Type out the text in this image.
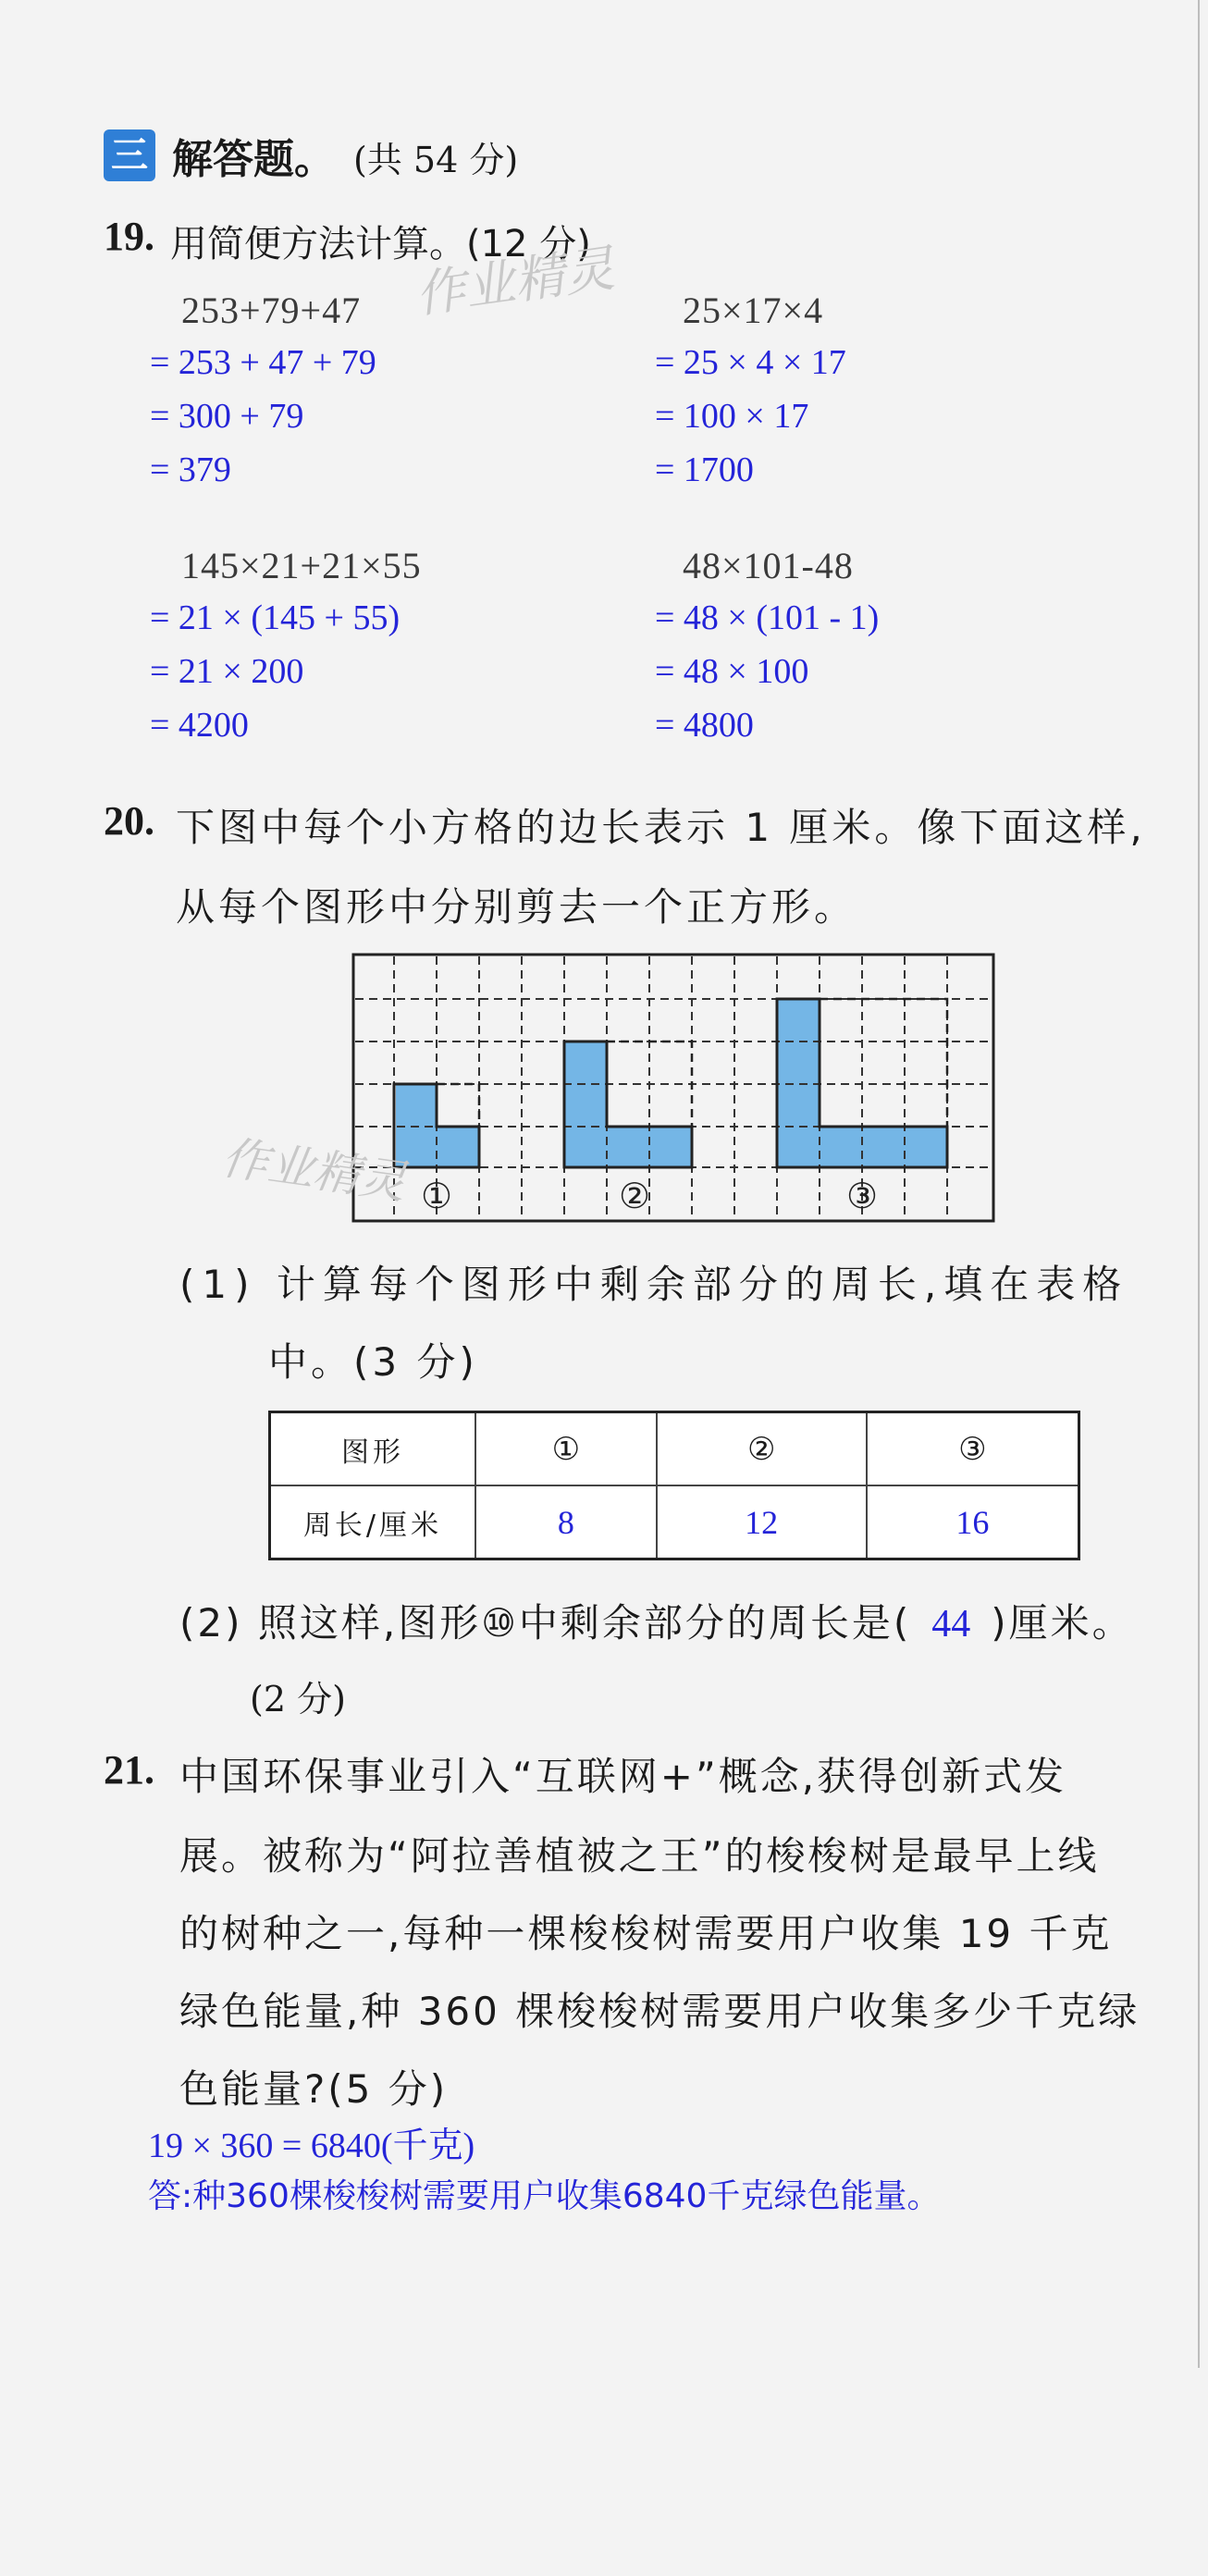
三 解答题。 (共 54 分)
19. 用简便方法计算。(12 分)
作业精灵
253+79+47
= 253 + 47 + 79
= 300 + 79
= 379
25×17×4
= 25 × 4 × 17
= 100 × 17
= 1700
145×21+21×55
= 21 × (145 + 55)
= 21 × 200
= 4200
48×101-48
= 48 × (101 - 1)
= 48 × 100
= 4800
20. 下图中每个小方格的边长表示 1 厘米。像下面这样,
从每个图形中分别剪去一个正方形。
①	②	③
作业精灵
(1) 计算每个图形中剩余部分的周长,填在表格
中。(3 分)
图形	①	②	③
周长/厘米	8	12	16
(2) 照这样,图形⑩中剩余部分的周长是( 44 )厘米。
(2 分)
21. 中国环保事业引入“互联网+”概念,获得创新式发
展。被称为“阿拉善植被之王”的梭梭树是最早上线
的树种之一,每种一棵梭梭树需要用户收集 19 千克
绿色能量,种 360 棵梭梭树需要用户收集多少千克绿
色能量?(5 分)
19 × 360 = 6840(千克)
答:种360棵梭梭树需要用户收集6840千克绿色能量。
